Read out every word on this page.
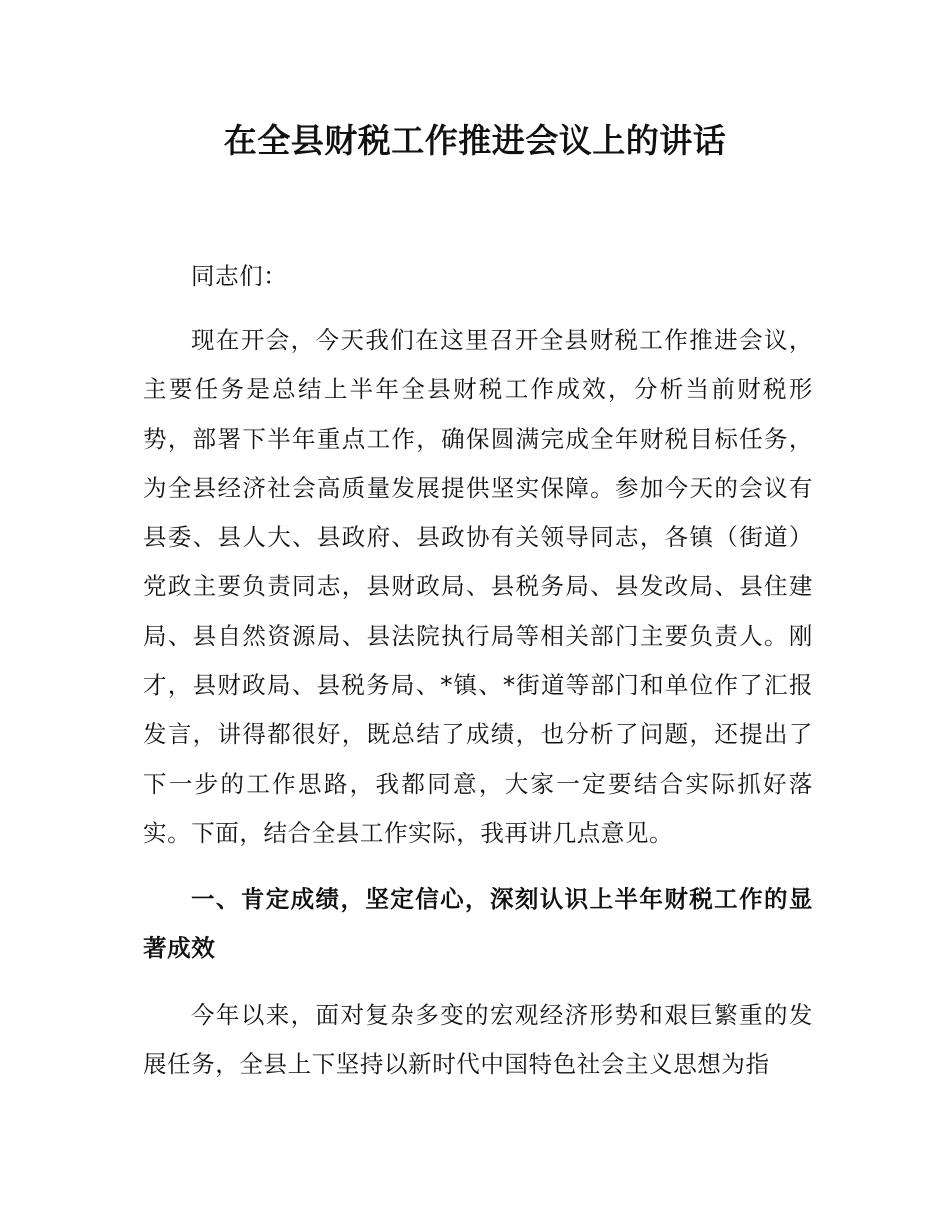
在全县财税工作推进会议上的讲话

同志们：

现在开会，今天我们在这里召开全县财税工作推进会议，主要任务是总结上半年全县财税工作成效，分析当前财税形势，部署下半年重点工作，确保圆满完成全年财税目标任务，为全县经济社会高质量发展提供坚实保障。参加今天的会议有县委、县人大、县政府、县政协有关领导同志，各镇（街道）党政主要负责同志，县财政局、县税务局、县发改局、县住建局、县自然资源局、县法院执行局等相关部门主要负责人。刚才，县财政局、县税务局、*镇、*街道等部门和单位作了汇报发言，讲得都很好，既总结了成绩，也分析了问题，还提出了下一步的工作思路，我都同意，大家一定要结合实际抓好落实。下面，结合全县工作实际，我再讲几点意见。

一、肯定成绩，坚定信心，深刻认识上半年财税工作的显著成效

今年以来，面对复杂多变的宏观经济形势和艰巨繁重的发展任务，全县上下坚持以新时代中国特色社会主义思想为指
